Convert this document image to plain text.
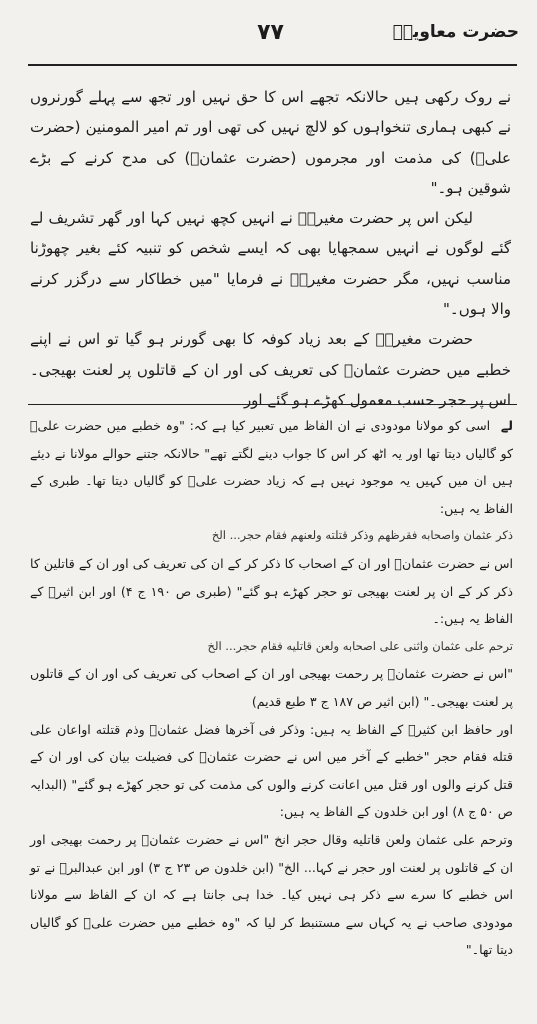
حضرت معاویہؓ
۷۷

نے روک رکھی ہیں حالانکہ تجھے اس کا حق نہیں اور تجھ سے پہلے گورنروں نے کبھی ہماری تنخواہوں کو لالچ نہیں کی تھی اور تم امیر المومنین (حضرت علیؓ) کی مذمت اور مجرموں (حضرت عثمانؓ) کی مدح کرنے کے بڑے شوقین ہو۔"

لیکن اس پر حضرت مغیرہؓ نے انہیں کچھ نہیں کہا اور گھر تشریف لے گئے لوگوں نے انہیں سمجھایا بھی کہ ایسے شخص کو تنبیہ کئے بغیر چھوڑنا مناسب نہیں، مگر حضرت مغیرہؓ نے فرمایا "میں خطاکار سے درگزر کرنے والا ہوں۔"

حضرت مغیرہؓ کے بعد زیاد کوفہ کا بھی گورنر ہو گیا تو اس نے اپنے خطبے میں حضرت عثمانؓ کی تعریف کی اور ان کے قاتلوں پر لعنت بھیجی۔ اس پر حجر حسب معمول کھڑے ہو گئے اور

لے اسی کو مولانا مودودی نے ان الفاظ میں تعبیر کیا ہے کہ: "وہ خطبے میں حضرت علیؓ کو گالیاں دیتا تھا اور یہ اٹھ کر اس کا جواب دینے لگتے تھے" حالانکہ جتنے حوالے مولانا نے دیئے ہیں ان میں کہیں یہ موجود نہیں ہے کہ زیاد حضرت علیؓ کو گالیاں دیتا تھا۔ طبری کے الفاظ یہ ہیں:

ذکر عثمان واصحابه فقرظهم وذکر قتلته ولعنهم فقام حجر... الخ

اس نے حضرت عثمانؓ اور ان کے اصحاب کا ذکر کر کے ان کی تعریف کی اور ان کے قاتلین کا ذکر کر کے ان پر لعنت بھیجی تو حجر کھڑے ہو گئے" (طبری ص ۱۹۰ ج ۴) اور ابن اثیرؒ کے الفاظ یہ ہیں:۔

ترحم علی عثمان واثنی علی اصحابه ولعن قاتلیه فقام حجر... الخ

"اس نے حضرت عثمانؓ پر رحمت بھیجی اور ان کے اصحاب کی تعریف کی اور ان کے قاتلوں پر لعنت بھیجی۔" (ابن اثیر ص ۱۸۷ ج ۳ طبع قدیم)

اور حافظ ابن کثیرؒ کے الفاظ یہ ہیں: وذکر فی آخرها فضل عثمانؓ وذم قتلته اواعان علی قتله فقام حجر "خطبے کے آخر میں اس نے حضرت عثمانؓ کی فضیلت بیان کی اور ان کے قتل کرنے والوں اور قتل میں اعانت کرنے والوں کی مذمت کی تو حجر کھڑے ہو گئے" (البدایہ ص ۵۰ ج ۸) اور ابن خلدون کے الفاظ یہ ہیں:

وترحم علی عثمان ولعن قاتلیه وقال حجر انخ "اس نے حضرت عثمانؓ پر رحمت بھیجی اور ان کے قاتلوں پر لعنت اور حجر نے کہا... الخ" (ابن خلدون ص ۲۳ ج ۳) اور ابن عبدالبرؒ نے تو اس خطبے کا سرے سے ذکر ہی نہیں کیا۔ خدا ہی جانتا ہے کہ ان کے الفاظ سے مولانا مودودی صاحب نے یہ کہاں سے مستنبط کر لیا کہ "وہ خطبے میں حضرت علیؓ کو گالیاں دیتا تھا۔"
